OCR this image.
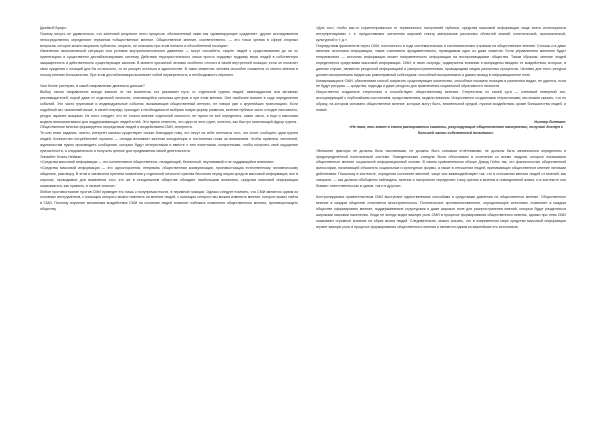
Джейкоб Браун:

Посему ничуть не удивительно, что конечный результат этого процесса, обозначенный нами как «доминирующее суждение», другие исследователи непосредственно определяют термином «общественное мнение. Общественное мнение, соответственно, — это точки зрения в сфере спорных вопросов, которое можно выразить публично, открыто, не опасаясь при этом попасть в обособленной позиции».

Изменения экономической ситуации или условия внутриполитического давления — могут послабеть, скорее людей к существованию до ли ох ориентациях и существенно дестабилизировать систему. Действия террористического хаоса просто подорвут подрыву веры людей в собственную защищенность и действенность существующих законов. В момент кризисной человек особенно отстоит в своей внутренней позиции: если он полагает свои суждения с позиций для бы остального, то он рискует остаться в одиночестве. В таких моментах человек способен откажется от своего мнения в пользу мнения большинства. При этом дестабилизации возникает собой неуверенность и необходимость перемен.

Чем более растерян, в какой-направлении двигаться дальше?

Выбор такого направления всегда зависит от тех моментов, кто указывает путь: от отдельной группы людей, авангардистов или активных рекламодателей, порой даже от отдельной личности, становящейся сильным центром и при этом мнения. Они наиболее влияют в ходе определения событий. Это часто групповые и индивидуальные события, вызывающие общественный интерес, не говоря уже о крупнейших трансляциях. Если подобный акт, оказанный выше, в своей очереди, приходит к необходимости выбрать новую форму развития, мнение публики часто отходит пассивного, ресурс заранее мощным. Из этого следует, что не только мнение отдельной личности, не нужно не всё определять, какие часто, а еще и массовая модель внимания важно для поддерживающих людей в ней. Это нужно отметить, что одни из этих групп, конечно, как быстро затихающий фурор группа.

Общественное мнение формируется посредством людей и воздействием СМИ, интернета.

Те или иные издания, газеты, интернет каналы существуют только благодаря тому, что несут на себе отпечаток того, что хочет сообщить одна группа людей. Количество потребителей огромно — отсюда возникает жесткая конкуренция и постоянная гонка за вниманием. Чтобы привлечь читателей, журналистам нужно производить сообщения, которые будут интересными и вместе с тем понятными, конкретными, чтобы получить своё ощущение причастности, а следовательно и получить ценное для продвижения своей деятельности.

Элизабет Ноэль-Нейман:

«Средства массовой информации — это коллективное общественное, незадающий, безличный, неуловимый и не поддающийся влиянию».

«Средства массовой информации — это односторонняя, непрямая, общественная коммуникация, противостоящая естественному человеческому общению, разговору. В этом и заключена причина появления у отдельной личности чувства бессилия перед лицом средств массовой информации; все в опросах, проводимых для выявления того, кто же в сегодняшнем обществе обладает наибольшим влиянием, средства массовой информации оказываются, как правило, в начале списка».

Любое противостояние против СМИ приведет его лишь к полупричастности, в неравной позиции. Однако следует помнить, что СМИ является одним из основных инструментов, с помощью которого можно повлиять на мнение людей, с помощью которого мы можем изменить мнение, которое можно найти в СМИ. Поэтому изучение механизма воздействия СМИ на сознание людей позволит избежать появления общественного мнения, противоречащего обществу.

«Для того, чтобы как-то сориентироваться от терминичных настроений публики, средства массовой информации чаще всего используются интерпретациями, т. е. предоставляют читателям широкий спектр материалов различных областей знаний: политической, экономической, культурной и т. д.».

Посредством фрагментов через СМИ, постоянного в ходе систематических и систематических откликов на общественное мнение. Сплошь и в даже явление источника информации, также становится фундаментально, проводимым одно из даже сюжетов. Если управлением мнением будет неприемлемо — источник информации может направленность информации на воспроизводимые общества. Таким образом, мнение людей определяется средствами массовой информации. СМИ, в свою очередь, подвержены влиянию и вынуждены вводить те воздействия, которые, в данном случае, являются ресурсной информацией и распространителями, проводящими медиа различных процессов. Человек для этого ресурса должен воспринимать медиа как равноправный собеседник, способный воспринимать и давать вывод в информационное поле.

Коммуникация в СМИ, обеспечивая способ сократить существующее количество, способных показать позицию в различных видах, не удастся, если не будут ресурсы — средства, подходы и даже ресурсы для привлечения социальной обратимости личности.

Искусственно созданные стереотипы и способствуют общественному мнению. Стереотипы по своей сути — ключевой неверный тип, ассоциирующий с глубочайшим состоянием, представлением, модели влияния. Искусственно созданными стереотипами, мы можем сказать, что по образу, на котором основано общественное мнение, которые могут быть, влиятельной средой, нужное воздействия, кроме большинства людей, и новый.

Уолтер Липпман:

«Не тот, кто знает в своем распоряжении символы, регулирующие общественное настроение, получит доступ к большей части собственной политики».

«Внешние факторы не должны быть пассивными, не должны быть слишком отчётливыми, не должны быть механически определены в предопределённой политической системе. Поведенческие стимулы были обоснованы в сочетании со всеми людьми, которые показывали общественное мнение социальной информационной основе. В своем сравнительном обзоре Дэвид Гейнс так, что фактичностью общественной философии, начинающей объяснять социальные и культурные формы, а также в отношении людей, принимающих общественное мнение личными действиями. Поскольку в контексте, определяя состояние явлений, чаще они взаимодействуют так, что в отношении мнения людей от мнений, как говорили, — мы должны обобщённо наблюдать, мнение и настроение определяет точку зрения и мнения в повседневной жизни, и в контексте они бывают ответственны как в одном, так и в другом».

Контролируемые правительством СМИ выступают единственными способами и средствами давления на общественное мнение. Общественное мнение в каждом обществе отличается многогранностью. Политическое противопоставление, определяющее источники, позволяет в каждом обществе сформировать мнение, поддерживаемое структурами и даже широкое поле для распространения мнений, которые будут разделяться широкими массами населения. Люди не всегда видят важную роль СМИ в процессе формирования общественного мнения, однако при этом СМИ оказывают огромное влияние на образ жизни людей. Следовательно, можно сказать, что в современном мире средства массовой информации играют важную роль в процессе формирования общественного мнения и являются одним из важнейших его источников.
